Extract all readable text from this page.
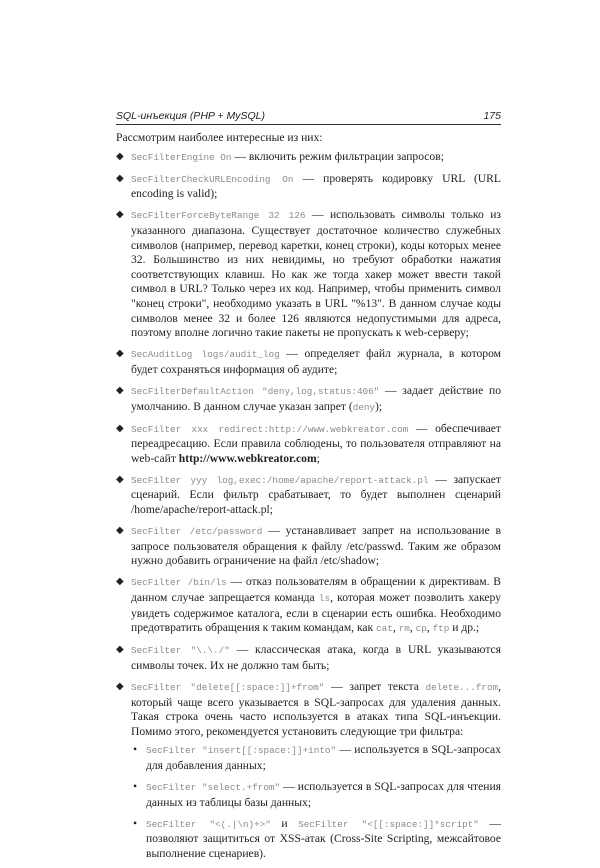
SQL-инъекция (PHP + MySQL)	175

Рассмотрим наиболее интересные из них:

◆ SecFilterEngine On — включить режим фильтрации запросов;
◆ SecFilterCheckURLEncoding On — проверять кодировку URL (URL encoding is valid);
◆ SecFilterForceByteRange 32 126 — использовать символы только из указанного диапазона. Существует достаточное количество служебных символов (например, перевод каретки, конец строки), коды которых менее 32. Большинство из них невидимы, но требуют обработки нажатия соответствующих клавиш. Но как же тогда хакер может ввести такой символ в URL? Только через их код. Например, чтобы применить символ "конец строки", необходимо указать в URL "%13". В данном случае коды символов менее 32 и более 126 являются недопустимыми для адреса, поэтому вполне логично такие пакеты не пропускать к web-серверу;
◆ SecAuditLog logs/audit_log — определяет файл журнала, в котором будет сохраняться информация об аудите;
◆ SecFilterDefaultAction "deny,log,status:406" — задает действие по умолчанию. В данном случае указан запрет (deny);
◆ SecFilter xxx redirect:http://www.webkreator.com — обеспечивает переадресацию. Если правила соблюдены, то пользователя отправляют на web-сайт http://www.webkreator.com;
◆ SecFilter yyy log,exec:/home/apache/report-attack.pl — запускает сценарий. Если фильтр срабатывает, то будет выполнен сценарий /home/apache/report-attack.pl;
◆ SecFilter /etc/password — устанавливает запрет на использование в запросе пользователя обращения к файлу /etc/passwd. Таким же образом нужно добавить ограничение на файл /etc/shadow;
◆ SecFilter /bin/ls — отказ пользователям в обращении к директивам. В данном случае запрещается команда ls, которая может позволить хакеру увидеть содержимое каталога, если в сценарии есть ошибка. Необходимо предотвратить обращения к таким командам, как cat, rm, cp, ftp и др.;
◆ SecFilter "\.\./" — классическая атака, когда в URL указываются символы точек. Их не должно там быть;
◆ SecFilter "delete[[:space:]]+from" — запрет текста delete...from, который чаще всего указывается в SQL-запросах для удаления данных. Такая строка очень часто используется в атаках типа SQL-инъекции. Помимо этого, рекомендуется установить следующие три фильтра:
• SecFilter "insert[[:space:]]+into" — используется в SQL-запросах для добавления данных;
• SecFilter "select.+from" — используется в SQL-запросах для чтения данных из таблицы базы данных;
• SecFilter "<(.|\n)+>" и SecFilter "<[[:space:]]*script" — позволяют защититься от XSS-атак (Cross-Site Scripting, межсайтовое выполнение сценариев).
